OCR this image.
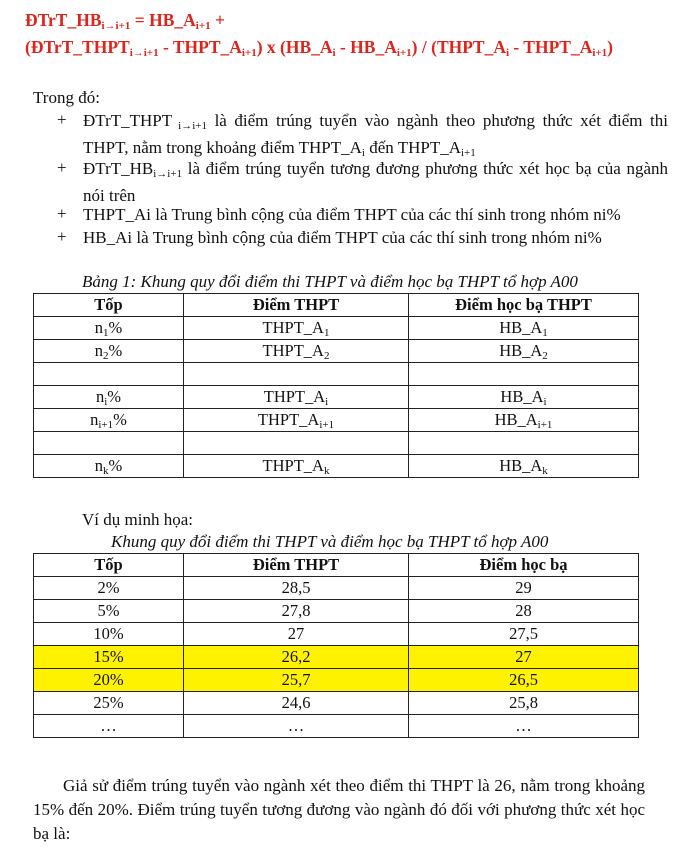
$ĐTrT\_HB_{i\to i+1}$ = $HB\_A_{i+1}$ +
($ĐTrT\_THPT_{i\to i+1}$ - $THPT\_A_{i+1}$) x ($HB\_A_i$ - $HB\_A_{i+1}$) / ($THPT\_A_i$ - $THPT\_A_{i+1}$)
Trong đó:
+ ĐTrT_THPT $_{i\to i+1}$ là điểm trúng tuyển vào ngành theo phương thức xét điểm thi THPT, nằm trong khoảng điểm $THPT\_A_i$ đến $THPT\_A_{i+1}$
+ $ĐTrT\_HB_{i\to i+1}$ là điểm trúng tuyển tương đương phương thức xét học bạ của ngành nói trên
+ THPT_Ai là Trung bình cộng của điểm THPT của các thí sinh trong nhóm ni%
+ HB_Ai là Trung bình cộng của điểm THPT của các thí sinh trong nhóm ni%
Bảng 1: Khung quy đổi điểm thi THPT và điểm học bạ THPT tổ hợp A00
Tốp	Điểm THPT	Điểm học bạ THPT
$n_1\%$	$THPT\_A_1$	$HB\_A_1$
$n_2\%$	$THPT\_A_2$	$HB\_A_2$

$n_i\%$	$THPT\_A_i$	$HB\_A_i$
$n_{i+1}\%$	$THPT\_A_{i+1}$	$HB\_A_{i+1}$

$n_k\%$	$THPT\_A_k$	$HB\_A_k$
Ví dụ minh họa:
Khung quy đổi điểm thi THPT và điểm học bạ THPT tổ hợp A00
Tốp	Điểm THPT	Điểm học bạ
2%	28,5	29
5%	27,8	28
10%	27	27,5
15%	26,2	27
20%	25,7	26,5
25%	24,6	25,8
…	…	…
Giả sử điểm trúng tuyển vào ngành xét theo điểm thi THPT là 26, nằm trong khoảng 15% đến 20%. Điểm trúng tuyển tương đương vào ngành đó đối với phương thức xét học bạ là:
